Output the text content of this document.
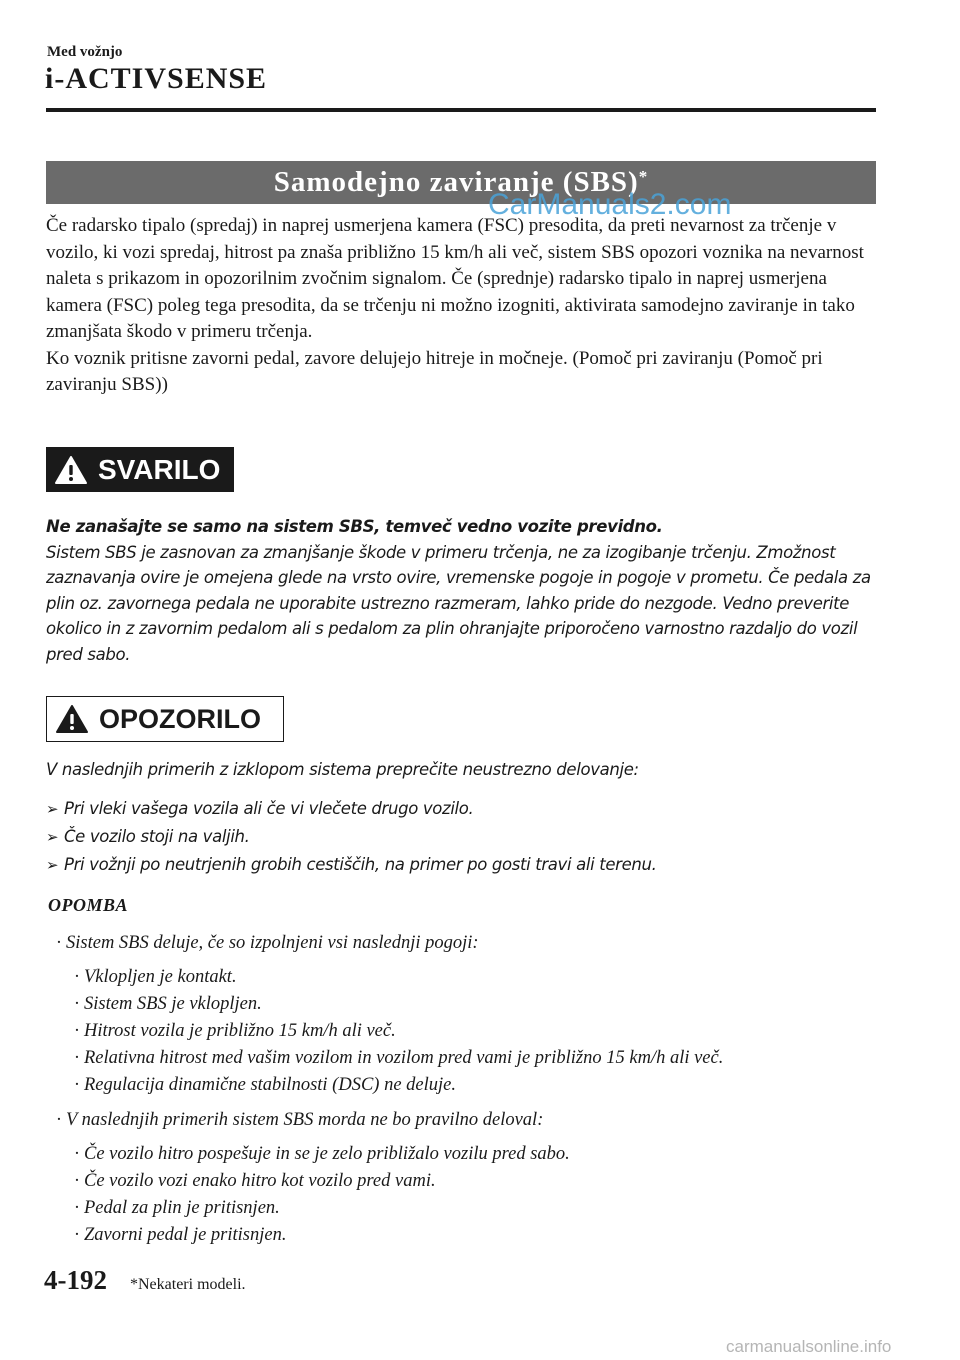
Med vožnjo
i-ACTIVSENSE
Samodejno zaviranje (SBS)*

Če radarsko tipalo (spredaj) in naprej usmerjena kamera (FSC) presodita, da preti nevarnost za trčenje v vozilo, ki vozi spredaj, hitrost pa znaša približno 15 km/h ali več, sistem SBS opozori voznika na nevarnost naleta s prikazom in opozorilnim zvočnim signalom. Če (sprednje) radarsko tipalo in naprej usmerjena kamera (FSC) poleg tega presodita, da se trčenju ni možno izogniti, aktivirata samodejno zaviranje in tako zmanjšata škodo v primeru trčenja.

Ko voznik pritisne zavorni pedal, zavore delujejo hitreje in močneje. (Pomoč pri zaviranju (Pomoč pri zaviranju SBS))

CarManuals2.com
SVARILO

Ne zanašajte se samo na sistem SBS, temveč vedno vozite previdno.

Sistem SBS je zasnovan za zmanjšanje škode v primeru trčenja, ne za izogibanje trčenju. Zmožnost zaznavanja ovire je omejena glede na vrsto ovire, vremenske pogoje in pogoje v prometu. Če pedala za plin oz. zavornega pedala ne uporabite ustrezno razmeram, lahko pride do nezgode. Vedno preverite okolico in z zavornim pedalom ali s pedalom za plin ohranjajte priporočeno varnostno razdaljo do vozil pred sabo.

OPOZORILO

V naslednjih primerih z izklopom sistema preprečite neustrezno delovanje:

➢ Pri vleki vašega vozila ali če vi vlečete drugo vozilo.
➢ Če vozilo stoji na valjih.
➢ Pri vožnji po neutrjenih grobih cestiščih, na primer po gosti travi ali terenu.
OPOMBA
· Sistem SBS deluje, če so izpolnjeni vsi naslednji pogoji:
· Vklopljen je kontakt.
· Sistem SBS je vklopljen.
· Hitrost vozila je približno 15 km/h ali več.
· Relativna hitrost med vašim vozilom in vozilom pred vami je približno 15 km/h ali več.
· Regulacija dinamične stabilnosti (DSC) ne deluje.
· V naslednjih primerih sistem SBS morda ne bo pravilno deloval:
· Če vozilo hitro pospešuje in se je zelo približalo vozilu pred sabo.
· Če vozilo vozi enako hitro kot vozilo pred vami.
· Pedal za plin je pritisnjen.
· Zavorni pedal je pritisnjen.
4-192 *Nekateri modeli.
carmanualsonline.info
